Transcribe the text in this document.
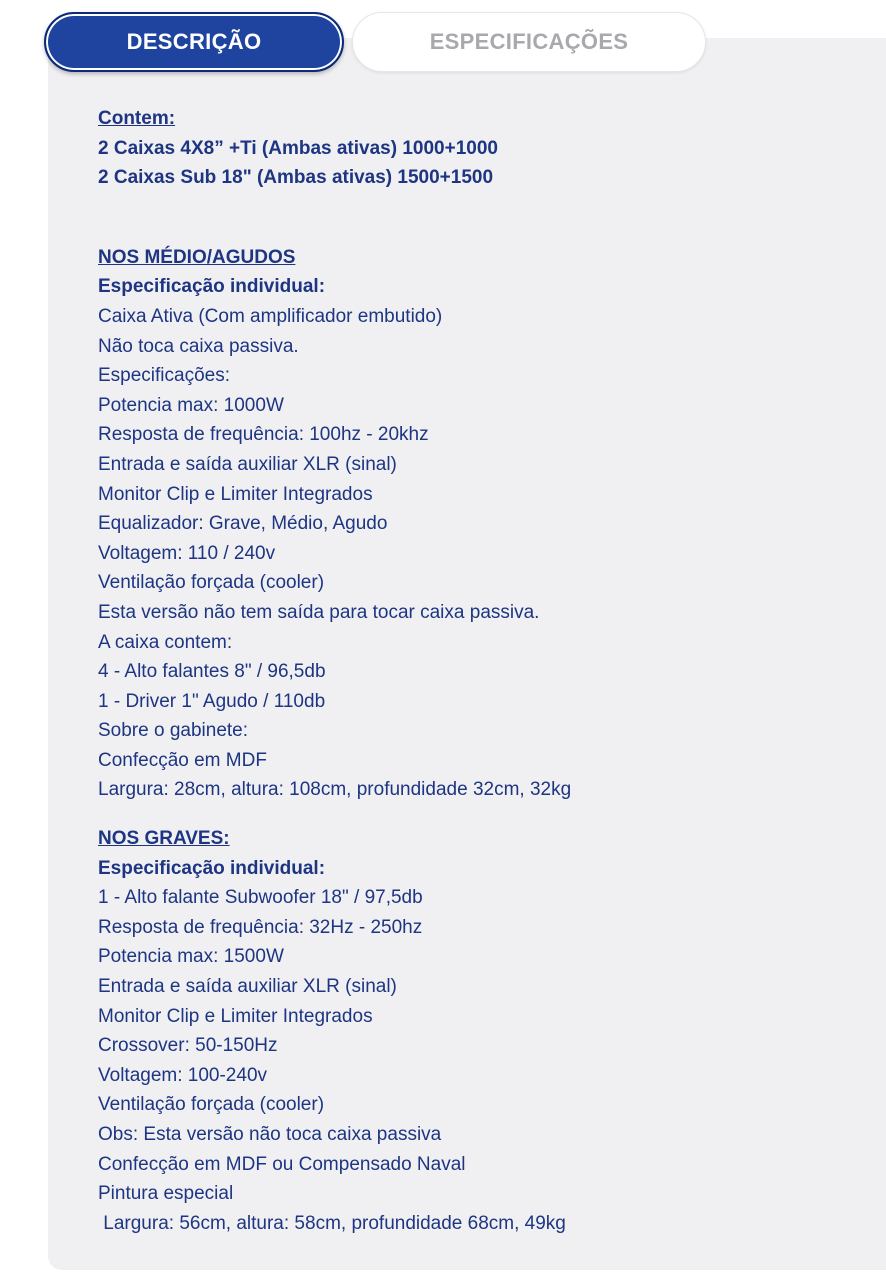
DESCRIÇÃO	ESPECIFICAÇÕES
Contem:
2 Caixas 4X8” +Ti (Ambas ativas) 1000+1000
2 Caixas Sub 18" (Ambas ativas) 1500+1500
NOS MÉDIO/AGUDOS
Especificação individual:
Caixa Ativa (Com amplificador embutido)
Não toca caixa passiva.
Especificações:
Potencia max: 1000W
Resposta de frequência: 100hz - 20khz
Entrada e saída auxiliar XLR (sinal)
Monitor Clip e Limiter Integrados
Equalizador: Grave, Médio, Agudo
Voltagem: 110 / 240v
Ventilação forçada (cooler)
Esta versão não tem saída para tocar caixa passiva.
A caixa contem:
4 - Alto falantes 8" / 96,5db
1 - Driver 1" Agudo / 110db
Sobre o gabinete:
Confecção em MDF
Largura: 28cm, altura: 108cm, profundidade 32cm, 32kg
NOS GRAVES:
Especificação individual:
1 - Alto falante Subwoofer 18" / 97,5db
Resposta de frequência: 32Hz - 250hz
Potencia max: 1500W
Entrada e saída auxiliar XLR (sinal)
Monitor Clip e Limiter Integrados
Crossover: 50-150Hz
Voltagem: 100-240v
Ventilação forçada (cooler)
Obs: Esta versão não toca caixa passiva
Confecção em MDF ou Compensado Naval
Pintura especial
Largura: 56cm, altura: 58cm, profundidade 68cm, 49kg
